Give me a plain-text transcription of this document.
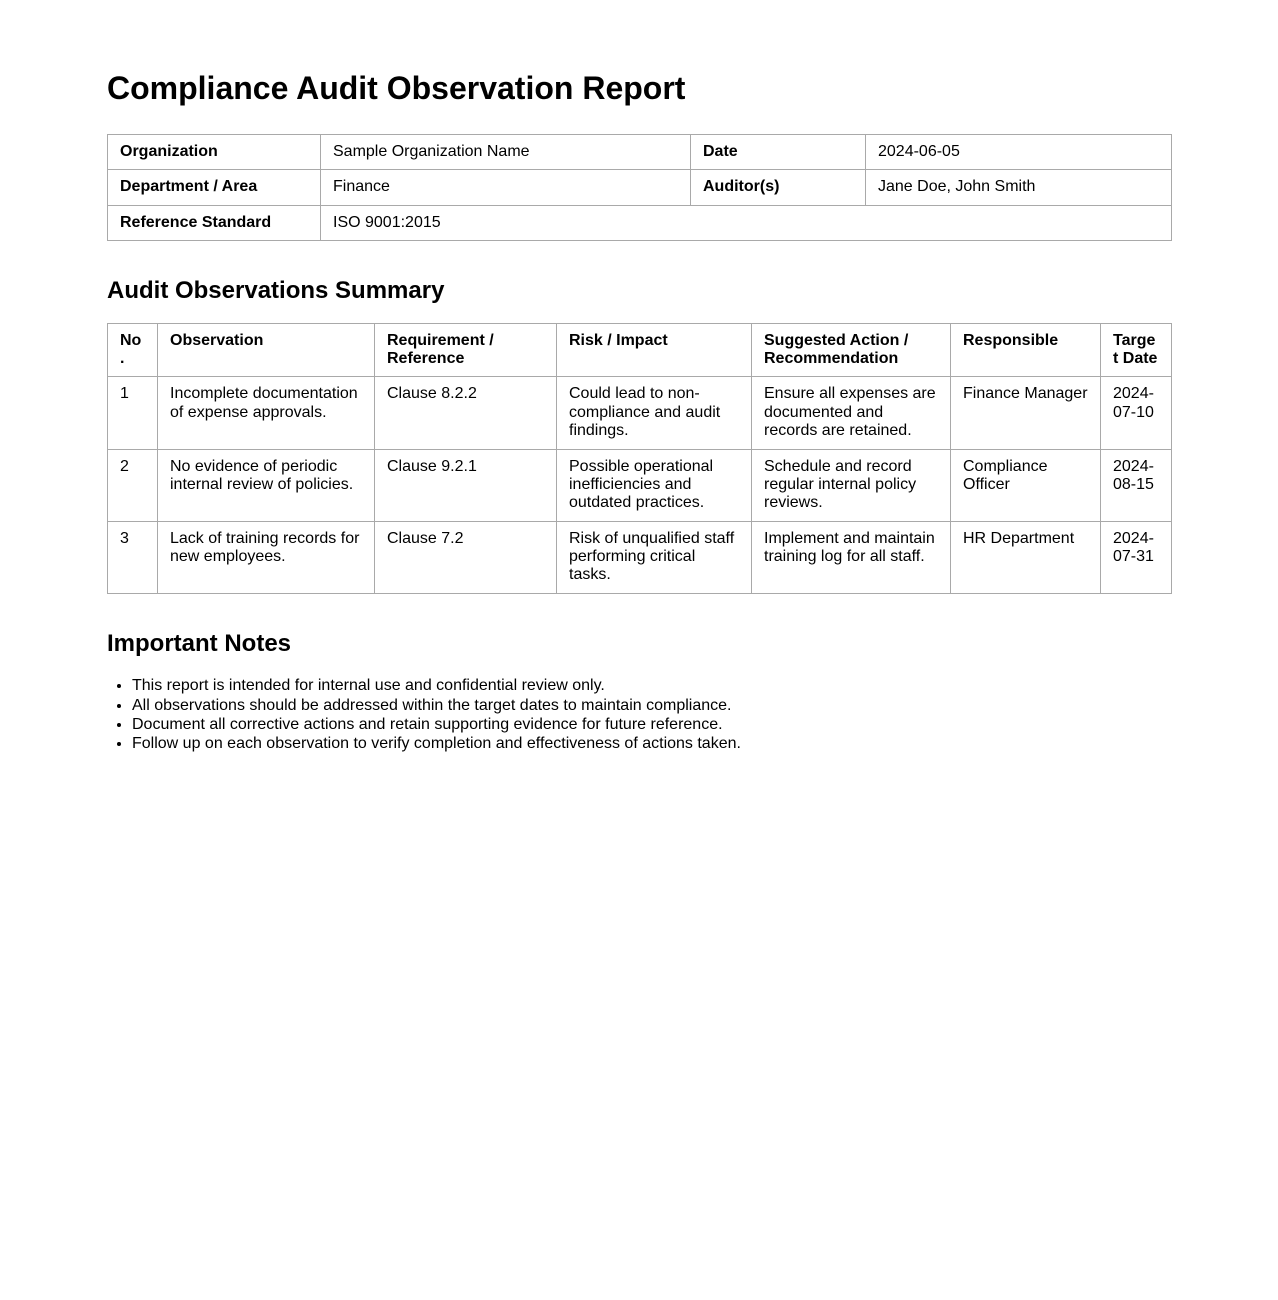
Compliance Audit Observation Report
Organization	Sample Organization Name	Date	2024-06-05
Department / Area	Finance	Auditor(s)	Jane Doe, John Smith
Reference Standard	ISO 9001:2015		
Audit Observations Summary
No.	Observation	Requirement / Reference	Risk / Impact	Suggested Action / Recommendation	Responsible	Target Date
1	Incomplete documentation of expense approvals.	Clause 8.2.2	Could lead to non-compliance and audit findings.	Ensure all expenses are documented and records are retained.	Finance Manager	2024-07-10
2	No evidence of periodic internal review of policies.	Clause 9.2.1	Possible operational inefficiencies and outdated practices.	Schedule and record regular internal policy reviews.	Compliance Officer	2024-08-15
3	Lack of training records for new employees.	Clause 7.2	Risk of unqualified staff performing critical tasks.	Implement and maintain training log for all staff.	HR Department	2024-07-31
Important Notes
• This report is intended for internal use and confidential review only.
• All observations should be addressed within the target dates to maintain compliance.
• Document all corrective actions and retain supporting evidence for future reference.
• Follow up on each observation to verify completion and effectiveness of actions taken.
